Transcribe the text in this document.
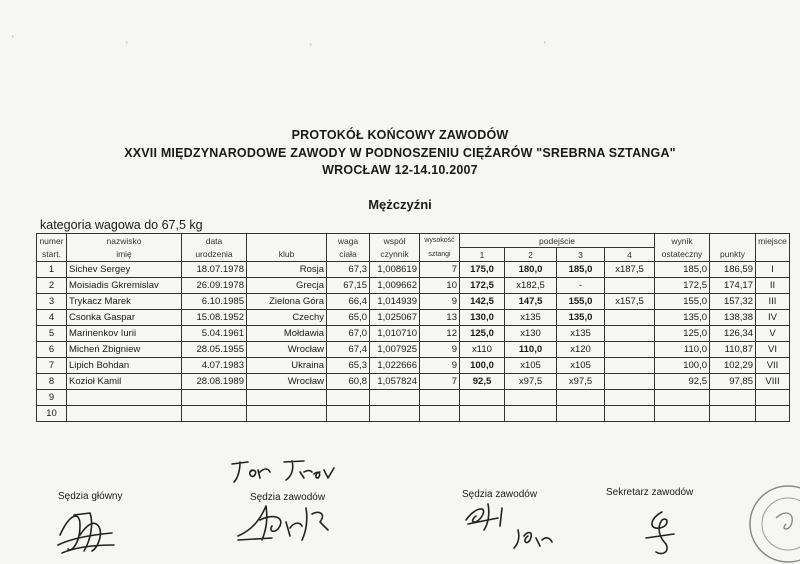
PROTOKÓŁ KOŃCOWY ZAWODÓW
XXVII MIĘDZYNARODOWE ZAWODY W PODNOSZENIU CIĘŻARÓW "SREBRNA SZTANGA"
WROCŁAW 12-14.10.2007
Mężczyźni
kategoria wagowa do 67,5 kg
numer	nazwisko	data		waga	współ	wysokość	podejście				wynik		miejsce
start.	imię	urodzenia	klub	ciała	czynnik	sztangi	1	2	3	4	ostateczny	punkty	
1	Sichev Sergey	18.07.1978	Rosja	67,3	1,008619	7	175,0	180,0	185,0	x187,5	185,0	186,59	I
2	Moisiadis Gkremislav	26.09.1978	Grecja	67,15	1,009662	10	172,5	x182,5	-		172,5	174,17	II
3	Trykacz Marek	6.10.1985	Zielona Góra	66,4	1,014939	9	142,5	147,5	155,0	x157,5	155,0	157,32	III
4	Csonka Gaspar	15.08.1952	Czechy	65,0	1,025067	13	130,0	x135	135,0		135,0	138,38	IV
5	Marinenkov Iurii	5.04.1961	Mołdawia	67,0	1,010710	12	125,0	x130	x135		125,0	126,34	V
6	Micheń Zbigniew	28.05.1955	Wrocław	67,4	1,007925	9	x110	110,0	x120		110,0	110,87	VI
7	Lipich Bohdan	4.07.1983	Ukraina	65,3	1,022666	9	100,0	x105	x105		100,0	102,29	VII
8	Kozioł Kamil	28.08.1989	Wrocław	60,8	1,057824	7	92,5	x97,5	x97,5		92,5	97,85	VIII
9													
10													
Sędzia główny	Sędzia zawodów	Sędzia zawodów	Sekretarz zawodów
'
'	'	'
